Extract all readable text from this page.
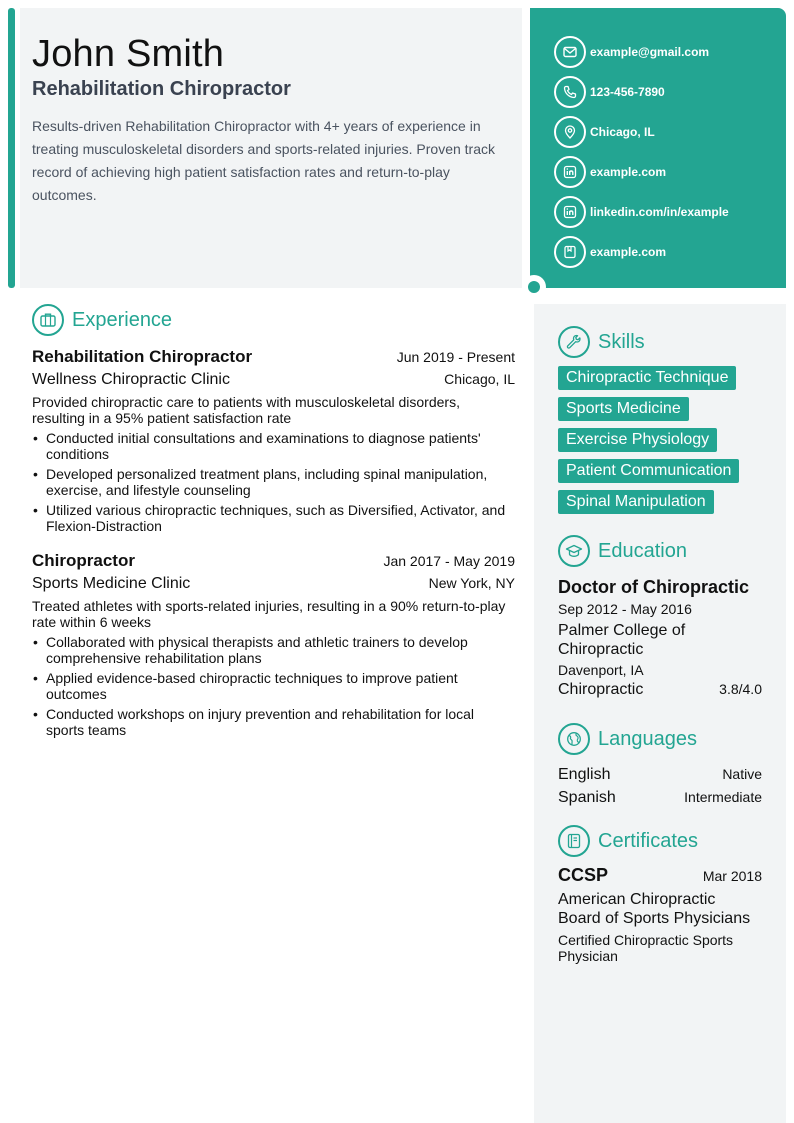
John Smith
Rehabilitation Chiropractor
Results-driven Rehabilitation Chiropractor with 4+ years of experience in treating musculoskeletal disorders and sports-related injuries. Proven track record of achieving high patient satisfaction rates and return-to-play outcomes.
example@gmail.com
123-456-7890
Chicago, IL
example.com
linkedin.com/in/example
example.com
Experience
Rehabilitation Chiropractor	Jun 2019 - Present
Wellness Chiropractic Clinic	Chicago, IL
Provided chiropractic care to patients with musculoskeletal disorders, resulting in a 95% patient satisfaction rate
• Conducted initial consultations and examinations to diagnose patients' conditions
• Developed personalized treatment plans, including spinal manipulation, exercise, and lifestyle counseling
• Utilized various chiropractic techniques, such as Diversified, Activator, and Flexion-Distraction
Chiropractor	Jan 2017 - May 2019
Sports Medicine Clinic	New York, NY
Treated athletes with sports-related injuries, resulting in a 90% return-to-play rate within 6 weeks
• Collaborated with physical therapists and athletic trainers to develop comprehensive rehabilitation plans
• Applied evidence-based chiropractic techniques to improve patient outcomes
• Conducted workshops on injury prevention and rehabilitation for local sports teams
Skills
Chiropractic Technique
Sports Medicine
Exercise Physiology
Patient Communication
Spinal Manipulation
Education
Doctor of Chiropractic
Sep 2012 - May 2016
Palmer College of Chiropractic
Davenport, IA
Chiropractic	3.8/4.0
Languages
English	Native
Spanish	Intermediate
Certificates
CCSP	Mar 2018
American Chiropractic Board of Sports Physicians
Certified Chiropractic Sports Physician
